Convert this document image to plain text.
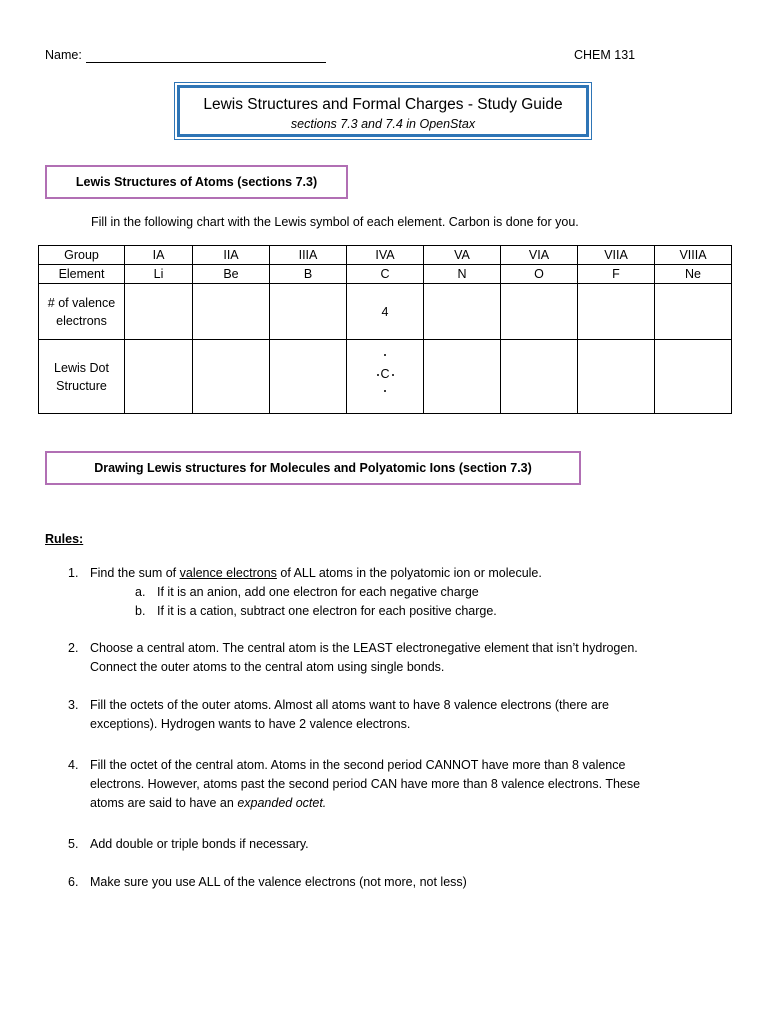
Name:	CHEM 131
Lewis Structures and Formal Charges - Study Guide
sections 7.3 and 7.4 in OpenStax
Lewis Structures of Atoms (sections 7.3)
Fill in the following chart with the Lewis symbol of each element. Carbon is done for you.
Group	IA	IIA	IIIA	IVA	VA	VIA	VIIA	VIIIA
Element	Li	Be	B	C	N	O	F	Ne
# of valence electrons				4				
Lewis Dot Structure				C				

Drawing Lewis structures for Molecules and Polyatomic Ions (section 7.3)
Rules:
1. Find the sum of valence electrons of ALL atoms in the polyatomic ion or molecule.
a. If it is an anion, add one electron for each negative charge
b. If it is a cation, subtract one electron for each positive charge.
2. Choose a central atom. The central atom is the LEAST electronegative element that isn’t hydrogen.
Connect the outer atoms to the central atom using single bonds.
3. Fill the octets of the outer atoms. Almost all atoms want to have 8 valence electrons (there are
exceptions). Hydrogen wants to have 2 valence electrons.
4. Fill the octet of the central atom. Atoms in the second period CANNOT have more than 8 valence
electrons. However, atoms past the second period CAN have more than 8 valence electrons. These
atoms are said to have an expanded octet.
5. Add double or triple bonds if necessary.
6. Make sure you use ALL of the valence electrons (not more, not less)
